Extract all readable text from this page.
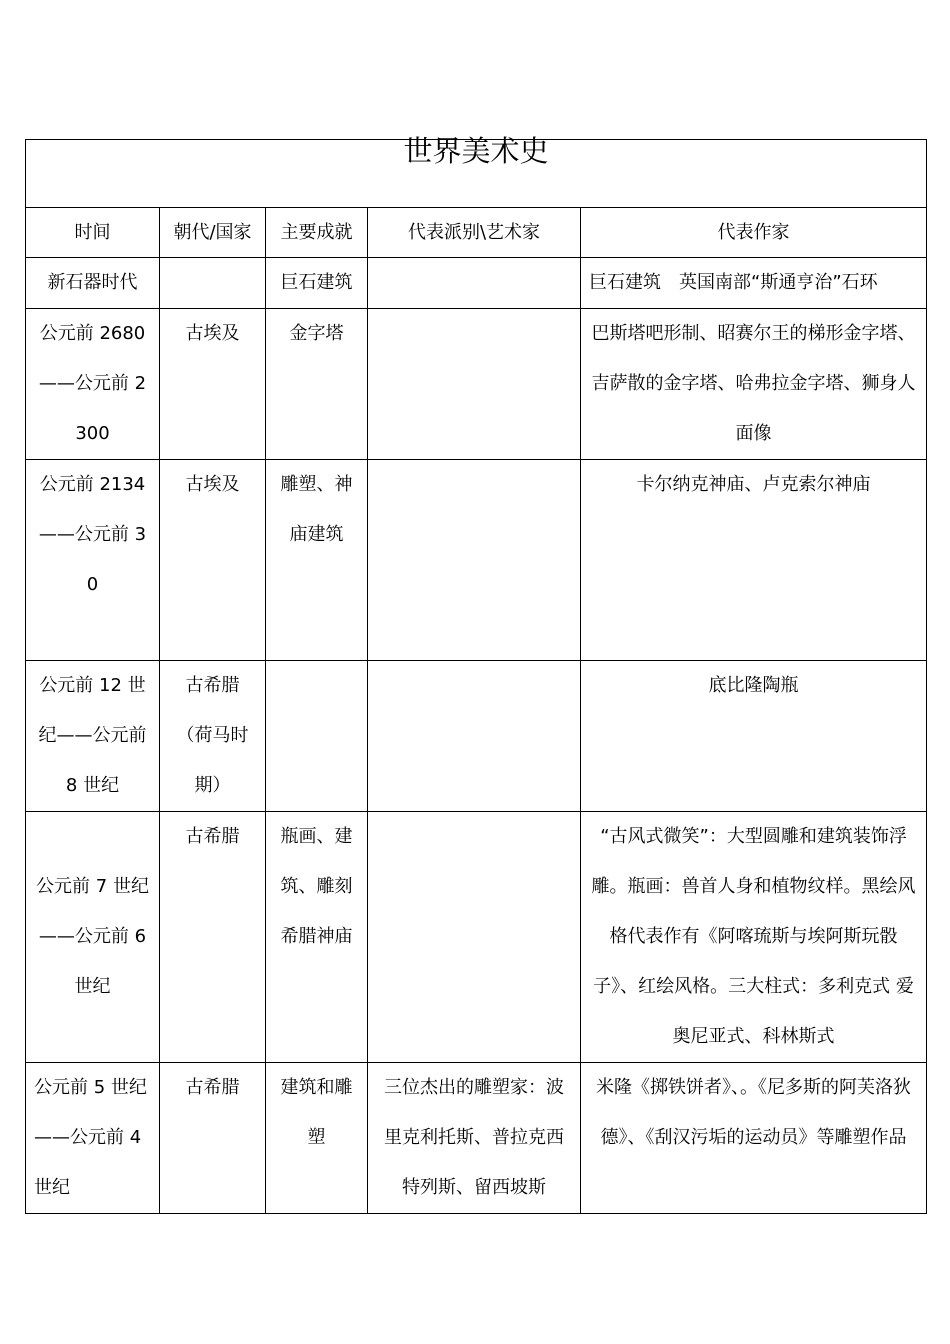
世界美术史				
时间	朝代/国家	主要成就	代表派别\艺术家	代表作家
新石器时代		巨石建筑		巨石建筑　英国南部“斯通亨治”石环
公元前 2680——公元前 2300	古埃及	金字塔		巴斯塔吧形制、昭赛尔王的梯形金字塔、吉萨散的金字塔、哈弗拉金字塔、狮身人面像
公元前 2134——公元前 30	古埃及	雕塑、神庙建筑		卡尔纳克神庙、卢克索尔神庙
公元前 12 世纪——公元前 8 世纪	古希腊（荷马时期）			底比隆陶瓶
公元前 7 世纪——公元前 6 世纪	古希腊	瓶画、建筑、雕刻 希腊神庙		“古风式微笑”：大型圆雕和建筑装饰浮雕。瓶画：兽首人身和植物纹样。黑绘风格代表作有《阿喀琉斯与埃阿斯玩骰子》、红绘风格。三大柱式：多利克式 爱奥尼亚式、科林斯式
公元前 5 世纪——公元前 4 世纪	古希腊	建筑和雕塑	三位杰出的雕塑家：波里克利托斯、普拉克西特列斯、留西坡斯	米隆《掷铁饼者》、。《尼多斯的阿芙洛狄德》、《刮汉污垢的运动员》等雕塑作品
